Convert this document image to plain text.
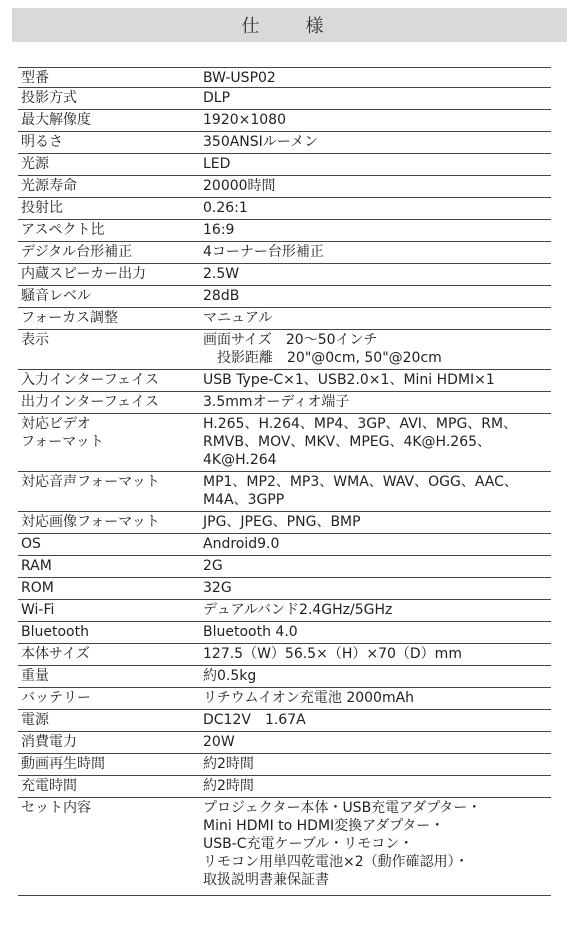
仕　様
型番	BW-USP02
投影方式	DLP
最大解像度	1920×1080
明るさ	350ANSIルーメン
光源	LED
光源寿命	20000時間
投射比	0.26:1
アスペクト比	16:9
デジタル台形補正	4コーナー台形補正
内蔵スピーカー出力	2.5W
騒音レベル	28dB
フォーカス調整	マニュアル
表示	画面サイズ　20～50インチ
　投影距離　20"@0cm, 50"@20cm
入力インターフェイス	USB Type-C×1、USB2.0×1、Mini HDMI×1
出力インターフェイス	3.5mmオーディオ端子
対応ビデオ
フォーマット	H.265、H.264、MP4、3GP、AVI、MPG、RM、
RMVB、MOV、MKV、MPEG、4K@H.265、
4K@H.264
対応音声フォーマット	MP1、MP2、MP3、WMA、WAV、OGG、AAC、
M4A、3GPP
対応画像フォーマット	JPG、JPEG、PNG、BMP
OS	Android9.0
RAM	2G
ROM	32G
Wi-Fi	デュアルバンド2.4GHz/5GHz
Bluetooth	Bluetooth 4.0
本体サイズ	127.5（W）56.5×（H）×70（D）mm
重量	約0.5kg
バッテリー	リチウムイオン充電池 2000mAh
電源	DC12V　1.67A
消費電力	20W
動画再生時間	約2時間
充電時間	約2時間
セット内容	プロジェクター本体・USB充電アダプター・
Mini HDMI to HDMI変換アダプター・
USB-C充電ケーブル・リモコン・
リモコン用単四乾電池×2（動作確認用）・
取扱説明書兼保証書
